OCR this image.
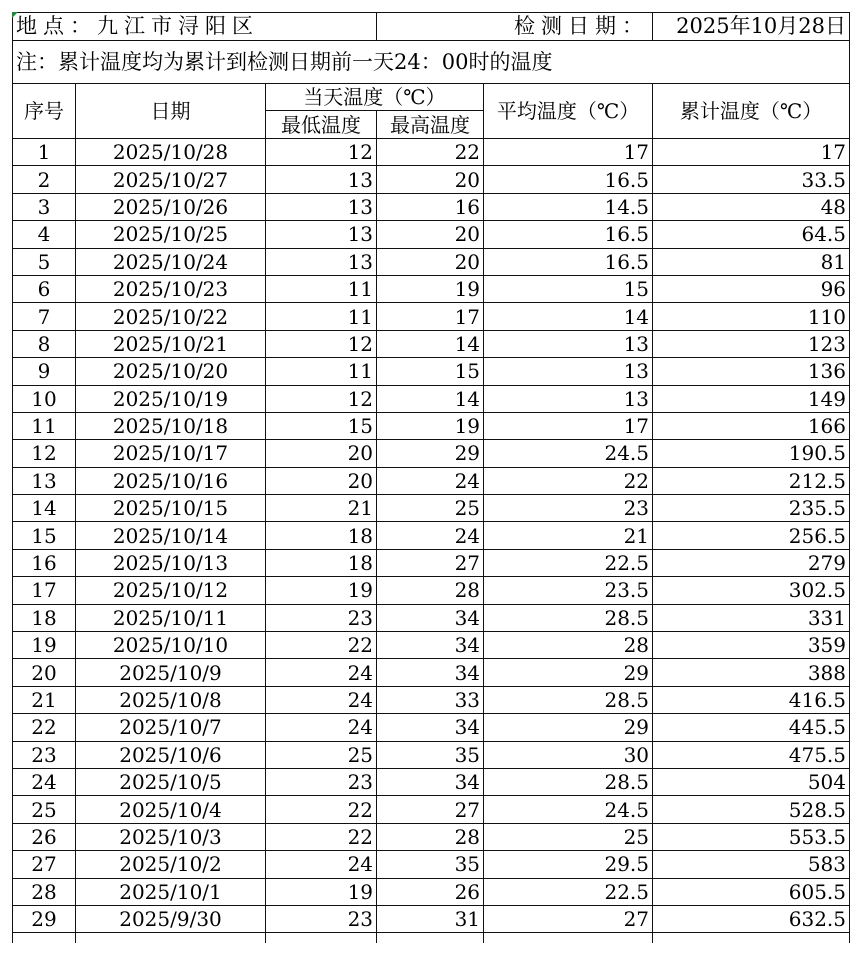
地点：九江市浔阳区			检测日期：		2025年10月28日
注：累计温度均为累计到检测日期前一天24：00时的温度					
序号	日期	当天温度（℃）		平均温度（℃）	累计温度（℃）
		最低温度	最高温度		
1	2025/10/28	12	22	17	17
2	2025/10/27	13	20	16.5	33.5
3	2025/10/26	13	16	14.5	48
4	2025/10/25	13	20	16.5	64.5
5	2025/10/24	13	20	16.5	81
6	2025/10/23	11	19	15	96
7	2025/10/22	11	17	14	110
8	2025/10/21	12	14	13	123
9	2025/10/20	11	15	13	136
10	2025/10/19	12	14	13	149
11	2025/10/18	15	19	17	166
12	2025/10/17	20	29	24.5	190.5
13	2025/10/16	20	24	22	212.5
14	2025/10/15	21	25	23	235.5
15	2025/10/14	18	24	21	256.5
16	2025/10/13	18	27	22.5	279
17	2025/10/12	19	28	23.5	302.5
18	2025/10/11	23	34	28.5	331
19	2025/10/10	22	34	28	359
20	2025/10/9	24	34	29	388
21	2025/10/8	24	33	28.5	416.5
22	2025/10/7	24	34	29	445.5
23	2025/10/6	25	35	30	475.5
24	2025/10/5	23	34	28.5	504
25	2025/10/4	22	27	24.5	528.5
26	2025/10/3	22	28	25	553.5
27	2025/10/2	24	35	29.5	583
28	2025/10/1	19	26	22.5	605.5
29	2025/9/30	23	31	27	632.5
